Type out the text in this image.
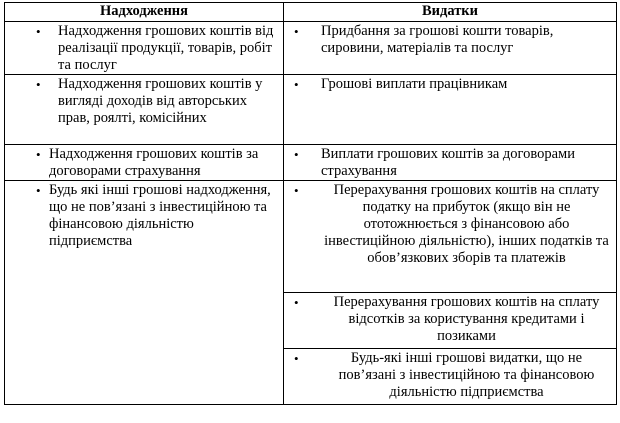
Надходження	Видатки

• Надходження грошових коштів від реалізації продукції, товарів, робіт та послуг	• Придбання за грошові кошти товарів, сировини, матеріалів та послуг

• Надходження грошових коштів у вигляді доходів від авторських прав, роялті, комісійних	• Грошові виплати працівникам

• Надходження грошових коштів за договорами страхування	• Виплати грошових коштів за договорами страхування

• Будь які інші грошові надходження, що не пов’язані з інвестиційною та фінансовою діяльністю підприємства	• Перерахування грошових коштів на сплату податку на прибуток (якщо він не ототожнюється з фінансовою або інвестиційною діяльністю), інших податків та обов’язкових зборів та платежів

	• Перерахування грошових коштів на сплату відсотків за користування кредитами і позиками

	• Будь-які інші грошові видатки, що не пов’язані з інвестиційною та фінансовою діяльністю підприємства
